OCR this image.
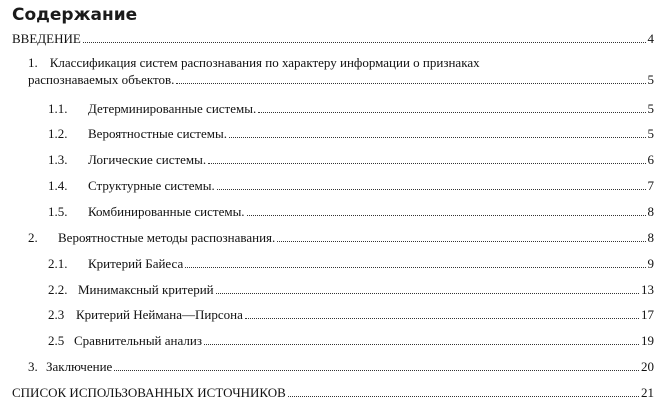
Содержание
ВВЕДЕНИЕ	4
1. Классификация систем распознавания по характеру информации о признаках
распознаваемых объектов.	5
1.1.	Детерминированные системы.	5
1.2.	Вероятностные системы.	5
1.3.	Логические системы.	6
1.4.	Структурные системы.	7
1.5.	Комбинированные системы.	8
2.	Вероятностные методы распознавания.	8
2.1.	Критерий Байеса	9
2.2. Минимаксный критерий	13
2.3 Критерий Неймана—Пирсона	17
2.5 Сравнительный анализ	19
3. Заключение	20
СПИСОК ИСПОЛЬЗОВАННЫХ ИСТОЧНИКОВ	21
